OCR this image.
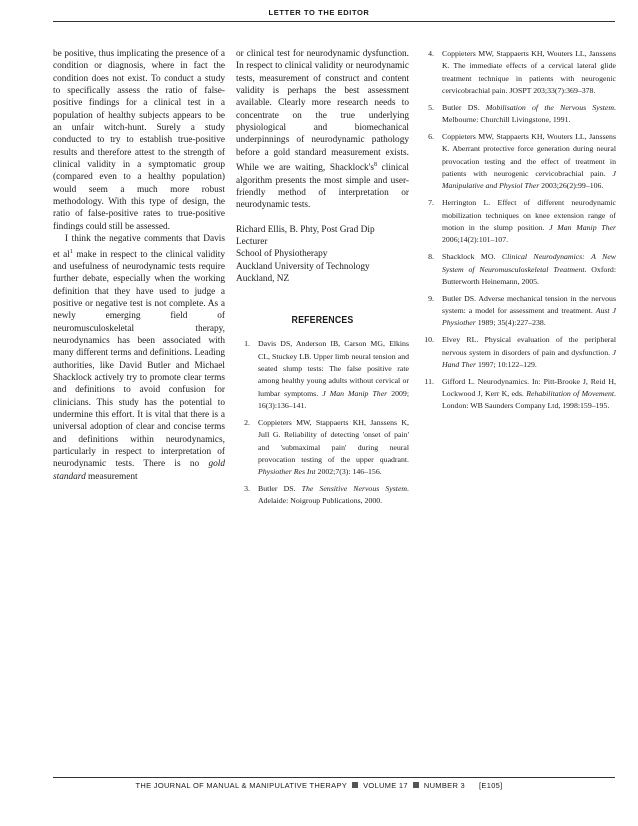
LETTER TO THE EDITOR

be positive, thus implicating the presence of a condition or diagnosis, where in fact the condition does not exist. To conduct a study to specifically assess the ratio of false-positive findings for a clinical test in a population of healthy subjects appears to be an unfair witch-hunt. Surely a study conducted to try to establish true-positive results and therefore attest to the strength of clinical validity in a symptomatic group (compared even to a healthy population) would seem a much more robust methodology. With this type of design, the ratio of false-positive rates to true-positive findings could still be assessed.

I think the negative comments that Davis et $al^1$ make in respect to the clinical validity and usefulness of neurodynamic tests require further debate, especially when the working definition that they have used to judge a positive or negative test is not complete. As a newly emerging field of neuromusculoskeletal therapy, neurodynamics has been associated with many different terms and definitions. Leading authorities, like David Butler and Michael Shacklock actively try to promote clear terms and definitions to avoid confusion for clinicians. This study has the potential to undermine this effort. It is vital that there is a universal adoption of clear and concise terms and definitions within neurodynamics, particularly in respect to interpretation of neurodynamic tests. There is no gold standard measurement

or clinical test for neurodynamic dysfunction. In respect to clinical validity or neurodynamic tests, measurement of construct and content validity is perhaps the best assessment available. Clearly more research needs to concentrate on the true underlying physiological and biomechanical underpinnings of neurodynamic pathology before a gold standard measurement exists. While we are waiting, $Shacklock's^8$ clinical algorithm presents the most simple and user-friendly method of interpretation or neurodynamic tests.

Richard Ellis, B. Phty, Post Grad Dip
Lecturer
School of Physiotherapy
Auckland University of Technology
Auckland, NZ
REFERENCES
1.	Davis DS, Anderson IB, Carson MG, Elkins CL, Stuckey LB. Upper limb neural tension and seated slump tests: The false positive rate among healthy young adults without cervical or lumbar symptoms. J Man Manip Ther 2009; 16(3):136–141.
2.	Coppieters MW, Stappaerts KH, Janssens K, Jull G. Reliability of detecting 'onset of pain' and 'submaximal pain' during neural provocation testing of the upper quadrant. Physiother Res Int 2002;7(3): 146–156.
3.	Butler DS. The Sensitive Nervous System. Adelaide: Noigroup Publications, 2000.
4.	Coppieters MW, Stappaerts KH, Wouters LL, Janssens K. The immediate effects of a cervical lateral glide treatment technique in patients with neurogenic cervicobrachial pain. JOSPT 203;33(7):369–378.
5.	Butler DS. Mobilisation of the Nervous System. Melbourne: Churchill Livingstone, 1991.
6.	Coppieters MW, Stappaerts KH, Wouters LL, Janssens K. Aberrant protective force generation during neural provocation testing and the effect of treatment in patients with neurogenic cervicobrachial pain. J Manipulative and Physiol Ther 2003;26(2):99–106.
7.	Herrington L. Effect of different neurodynamic mobilization techniques on knee extension range of motion in the slump position. J Man Manip Ther 2006;14(2):101–107.
8.	Shacklock MO. Clinical Neurodynamics: A New System of Neuromusculoskeletal Treatment. Oxford: Butterworth Heinemann, 2005.
9.	Butler DS. Adverse mechanical tension in the nervous system: a model for assessment and treatment. Aust J Physiother 1989; 35(4):227–238.
10.	Elvey RL. Physical evaluation of the peripheral nervous system in disorders of pain and dysfunction. J Hand Ther 1997; 10:122–129.
11.	Gifford L. Neurodynamics. In: Pitt-Brooke J, Reid H, Lockwood J, Kerr K, eds. Rehabilitation of Movement. London: WB Saunders Company Ltd, 1998:159–195.
THE JOURNAL OF MANUAL & MANIPULATIVE THERAPY VOLUME 17 NUMBER 3 [E105]
